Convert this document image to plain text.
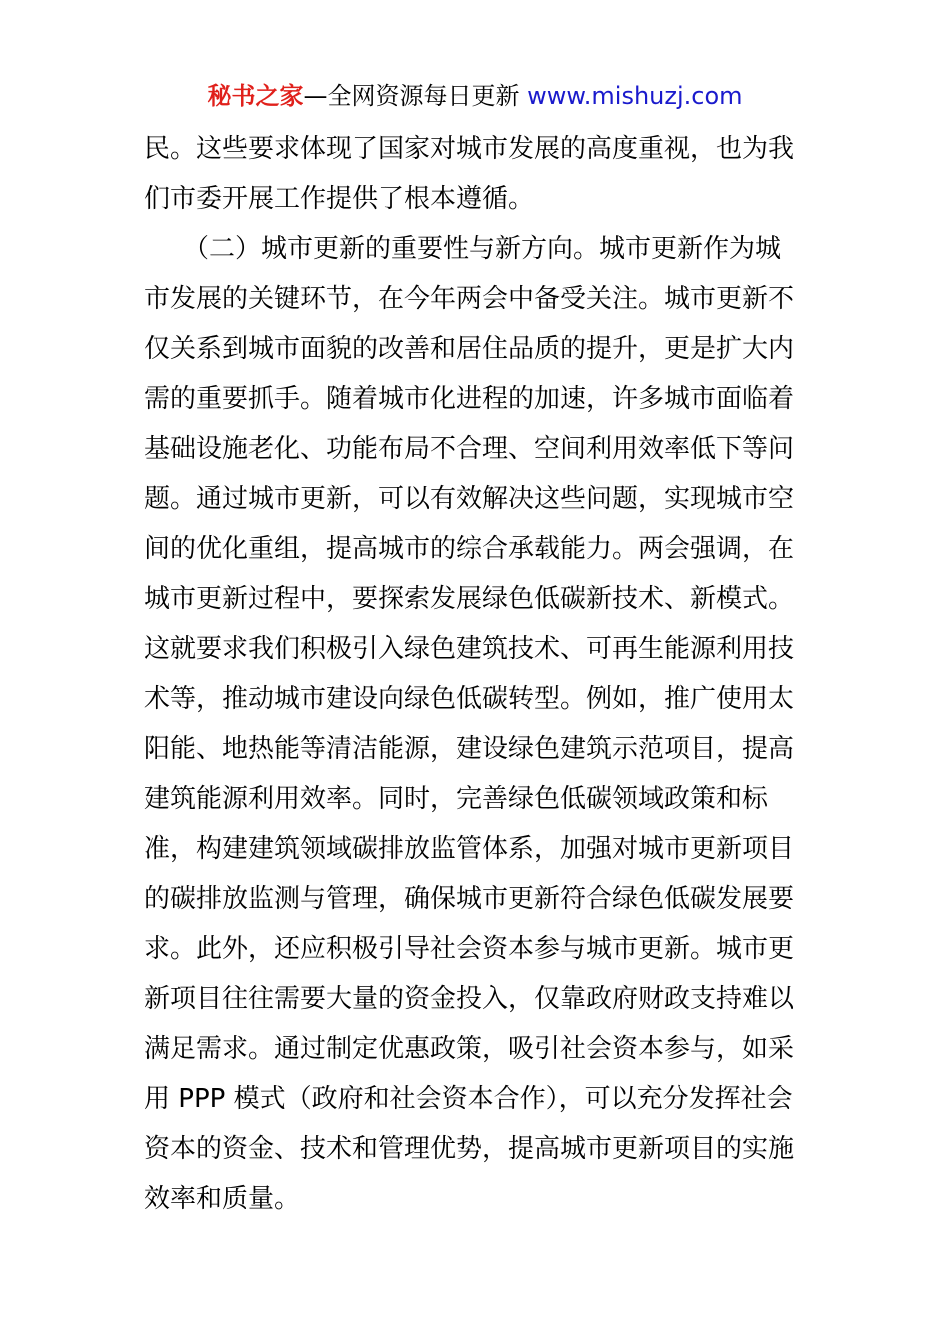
秘书之家—全网资源每日更新 www.mishuzj.com
民。这些要求体现了国家对城市发展的高度重视，也为我
们市委开展工作提供了根本遵循。
　　（二）城市更新的重要性与新方向。城市更新作为城
市发展的关键环节，在今年两会中备受关注。城市更新不
仅关系到城市面貌的改善和居住品质的提升，更是扩大内
需的重要抓手。随着城市化进程的加速，许多城市面临着
基础设施老化、功能布局不合理、空间利用效率低下等问
题。通过城市更新，可以有效解决这些问题，实现城市空
间的优化重组，提高城市的综合承载能力。两会强调，在
城市更新过程中，要探索发展绿色低碳新技术、新模式。
这就要求我们积极引入绿色建筑技术、可再生能源利用技
术等，推动城市建设向绿色低碳转型。例如，推广使用太
阳能、地热能等清洁能源，建设绿色建筑示范项目，提高
建筑能源利用效率。同时，完善绿色低碳领域政策和标
准，构建建筑领域碳排放监管体系，加强对城市更新项目
的碳排放监测与管理，确保城市更新符合绿色低碳发展要
求。此外，还应积极引导社会资本参与城市更新。城市更
新项目往往需要大量的资金投入，仅靠政府财政支持难以
满足需求。通过制定优惠政策，吸引社会资本参与，如采
用 PPP 模式（政府和社会资本合作），可以充分发挥社会
资本的资金、技术和管理优势，提高城市更新项目的实施
效率和质量。
